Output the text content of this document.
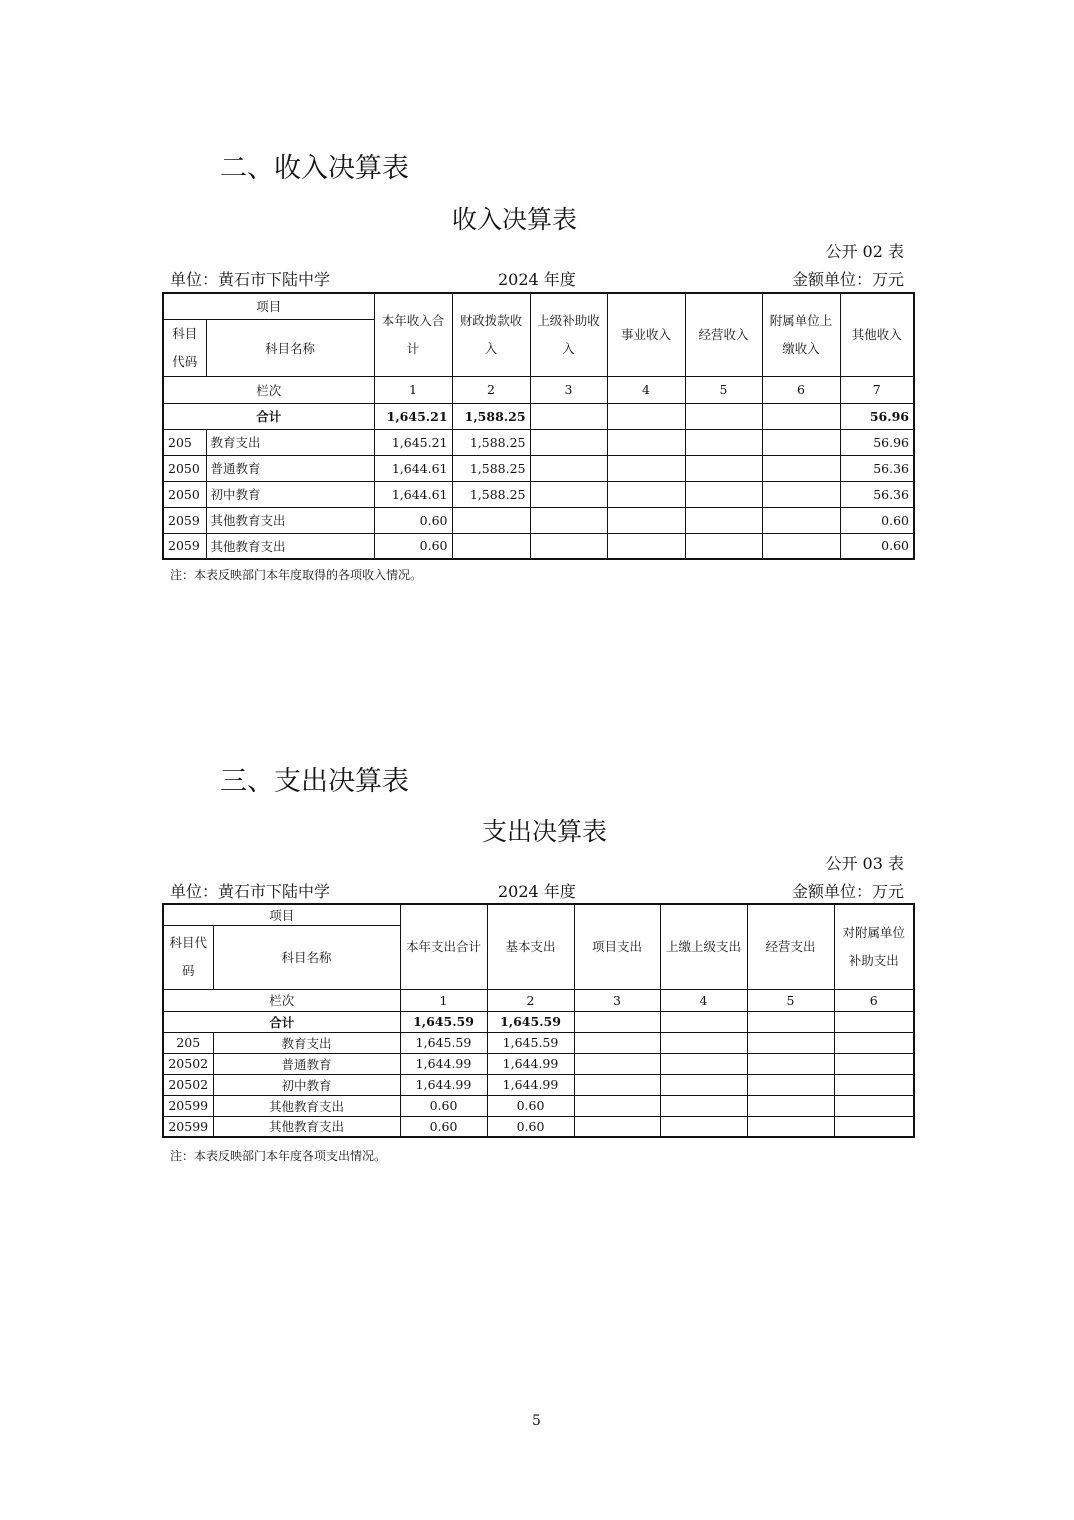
二、收入决算表
收入决算表
公开 02 表
单位：黄石市下陆中学	2024 年度	金额单位：万元
项目		本年收入合计	财政拨款收入	上级补助收入	事业收入	经营收入	附属单位上缴收入	其他收入
科目代码	科目名称							
栏次		1	2	3	4	5	6	7
合计		1,645.21	1,588.25					56.96
205	教育支出	1,645.21	1,588.25					56.96
2050	普通教育	1,644.61	1,588.25					56.36
2050	初中教育	1,644.61	1,588.25					56.36
2059	其他教育支出	0.60						0.60
2059	其他教育支出	0.60						0.60
注：本表反映部门本年度取得的各项收入情况。
三、支出决算表
支出决算表
公开 03 表
单位：黄石市下陆中学	2024 年度	金额单位：万元
项目		本年支出合计	基本支出	项目支出	上缴上级支出	经营支出	对附属单位补助支出
科目代码	科目名称						
栏次		1	2	3	4	5	6
合计		1,645.59	1,645.59				
205	教育支出	1,645.59	1,645.59				
20502	普通教育	1,644.99	1,644.99				
20502	初中教育	1,644.99	1,644.99				
20599	其他教育支出	0.60	0.60				
20599	其他教育支出	0.60	0.60				
注：本表反映部门本年度各项支出情况。
5
